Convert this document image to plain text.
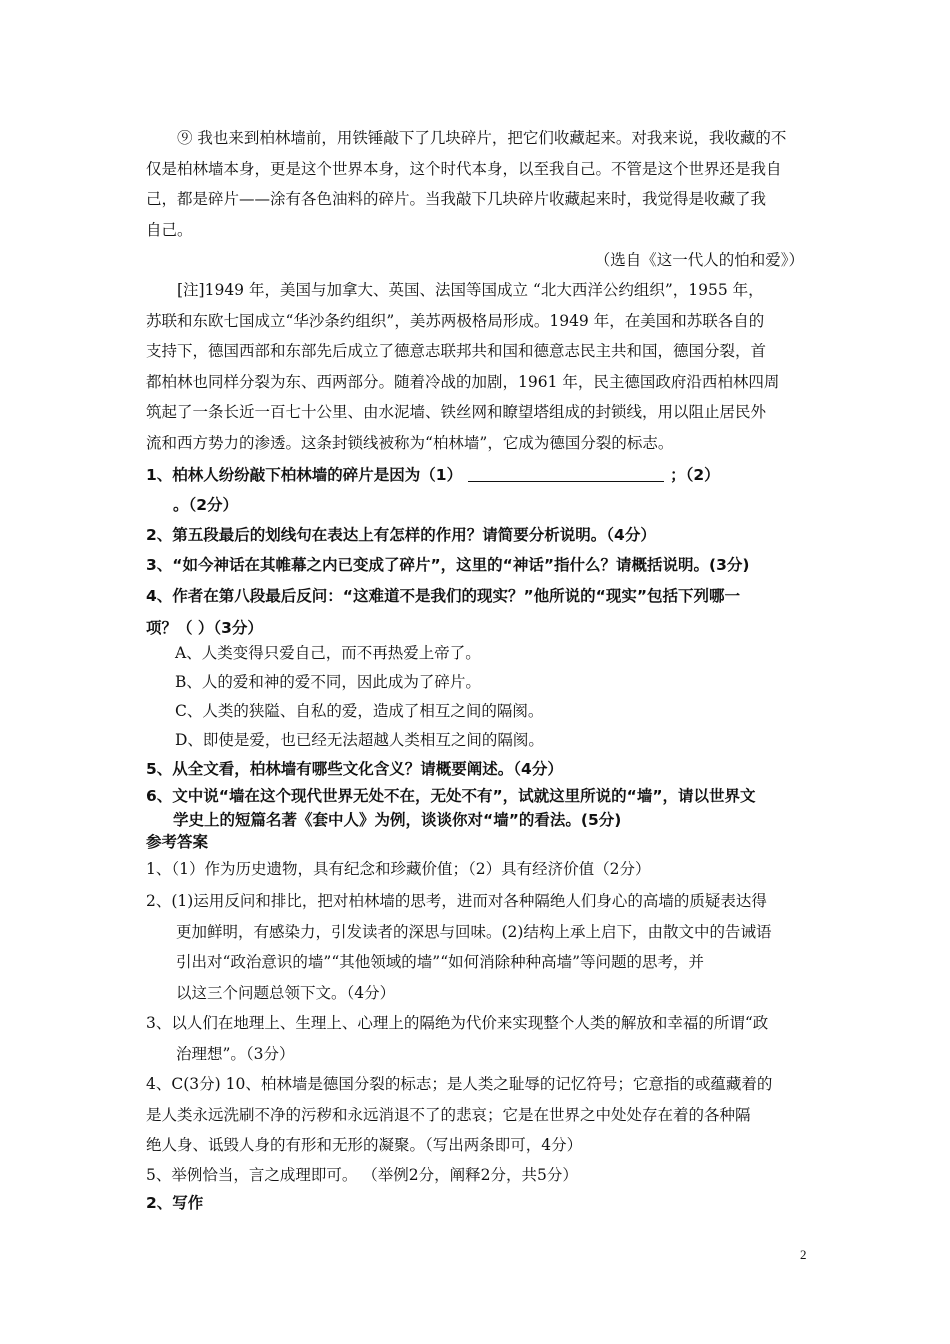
⑨ 我也来到柏林墙前，用铁锤敲下了几块碎片，把它们收藏起来。对我来说，我收藏的不
仅是柏林墙本身，更是这个世界本身，这个时代本身，以至我自己。不管是这个世界还是我自
己，都是碎片——涂有各色油料的碎片。当我敲下几块碎片收藏起来时，我觉得是收藏了我
自己。
（选自《这一代人的怕和爱》）
[注]1949 年，美国与加拿大、英国、法国等国成立 “北大西洋公约组织”，1955 年，
苏联和东欧七国成立“华沙条约组织”，美苏两极格局形成。1949 年，在美国和苏联各自的
支持下，德国西部和东部先后成立了德意志联邦共和国和德意志民主共和国，德国分裂，首
都柏林也同样分裂为东、西两部分。随着冷战的加剧，1961 年，民主德国政府沿西柏林四周
筑起了一条长近一百七十公里、由水泥墙、铁丝网和瞭望塔组成的封锁线，用以阻止居民外
流和西方势力的渗透。这条封锁线被称为“柏林墙”，它成为德国分裂的标志。
1、柏林人纷纷敲下柏林墙的碎片是因为（1）	；（2）
。（2分）
2、第五段最后的划线句在表达上有怎样的作用？请简要分析说明。（4分）
3、“如今神话在其帷幕之内已变成了碎片”，这里的“神话”指什么？请概括说明。(3分)
4、作者在第八段最后反问：“这难道不是我们的现实？”他所说的“现实”包括下列哪一
项？（ ）（3分）
A、人类变得只爱自己，而不再热爱上帝了。
B、人的爱和神的爱不同，因此成为了碎片。
C、人类的狭隘、自私的爱，造成了相互之间的隔阂。
D、即使是爱，也已经无法超越人类相互之间的隔阂。
5、从全文看，柏林墙有哪些文化含义？请概要阐述。（4分）
6、文中说“墙在这个现代世界无处不在，无处不有”，试就这里所说的“墙”，请以世界文
学史上的短篇名著《套中人》为例，谈谈你对“墙”的看法。(5分)
参考答案
1、（1）作为历史遗物，具有纪念和珍藏价值；（2）具有经济价值（2分）
2、(1)运用反问和排比，把对柏林墙的思考，进而对各种隔绝人们身心的高墙的质疑表达得
更加鲜明，有感染力，引发读者的深思与回味。(2)结构上承上启下，由散文中的告诫语
引出对“政治意识的墙”“其他领域的墙”“如何消除种种高墙”等问题的思考，并
以这三个问题总领下文。（4分）
3、以人们在地理上、生理上、心理上的隔绝为代价来实现整个人类的解放和幸福的所谓“政
治理想”。（3分）
4、C(3分) 10、柏林墙是德国分裂的标志；是人类之耻辱的记忆符号；它意指的或蕴藏着的
是人类永远洗刷不净的污秽和永远消退不了的悲哀；它是在世界之中处处存在着的各种隔
绝人身、诋毁人身的有形和无形的凝聚。（写出两条即可，4分）
5、举例恰当，言之成理即可。 （举例2分，阐释2分，共5分）
2、写作
2
